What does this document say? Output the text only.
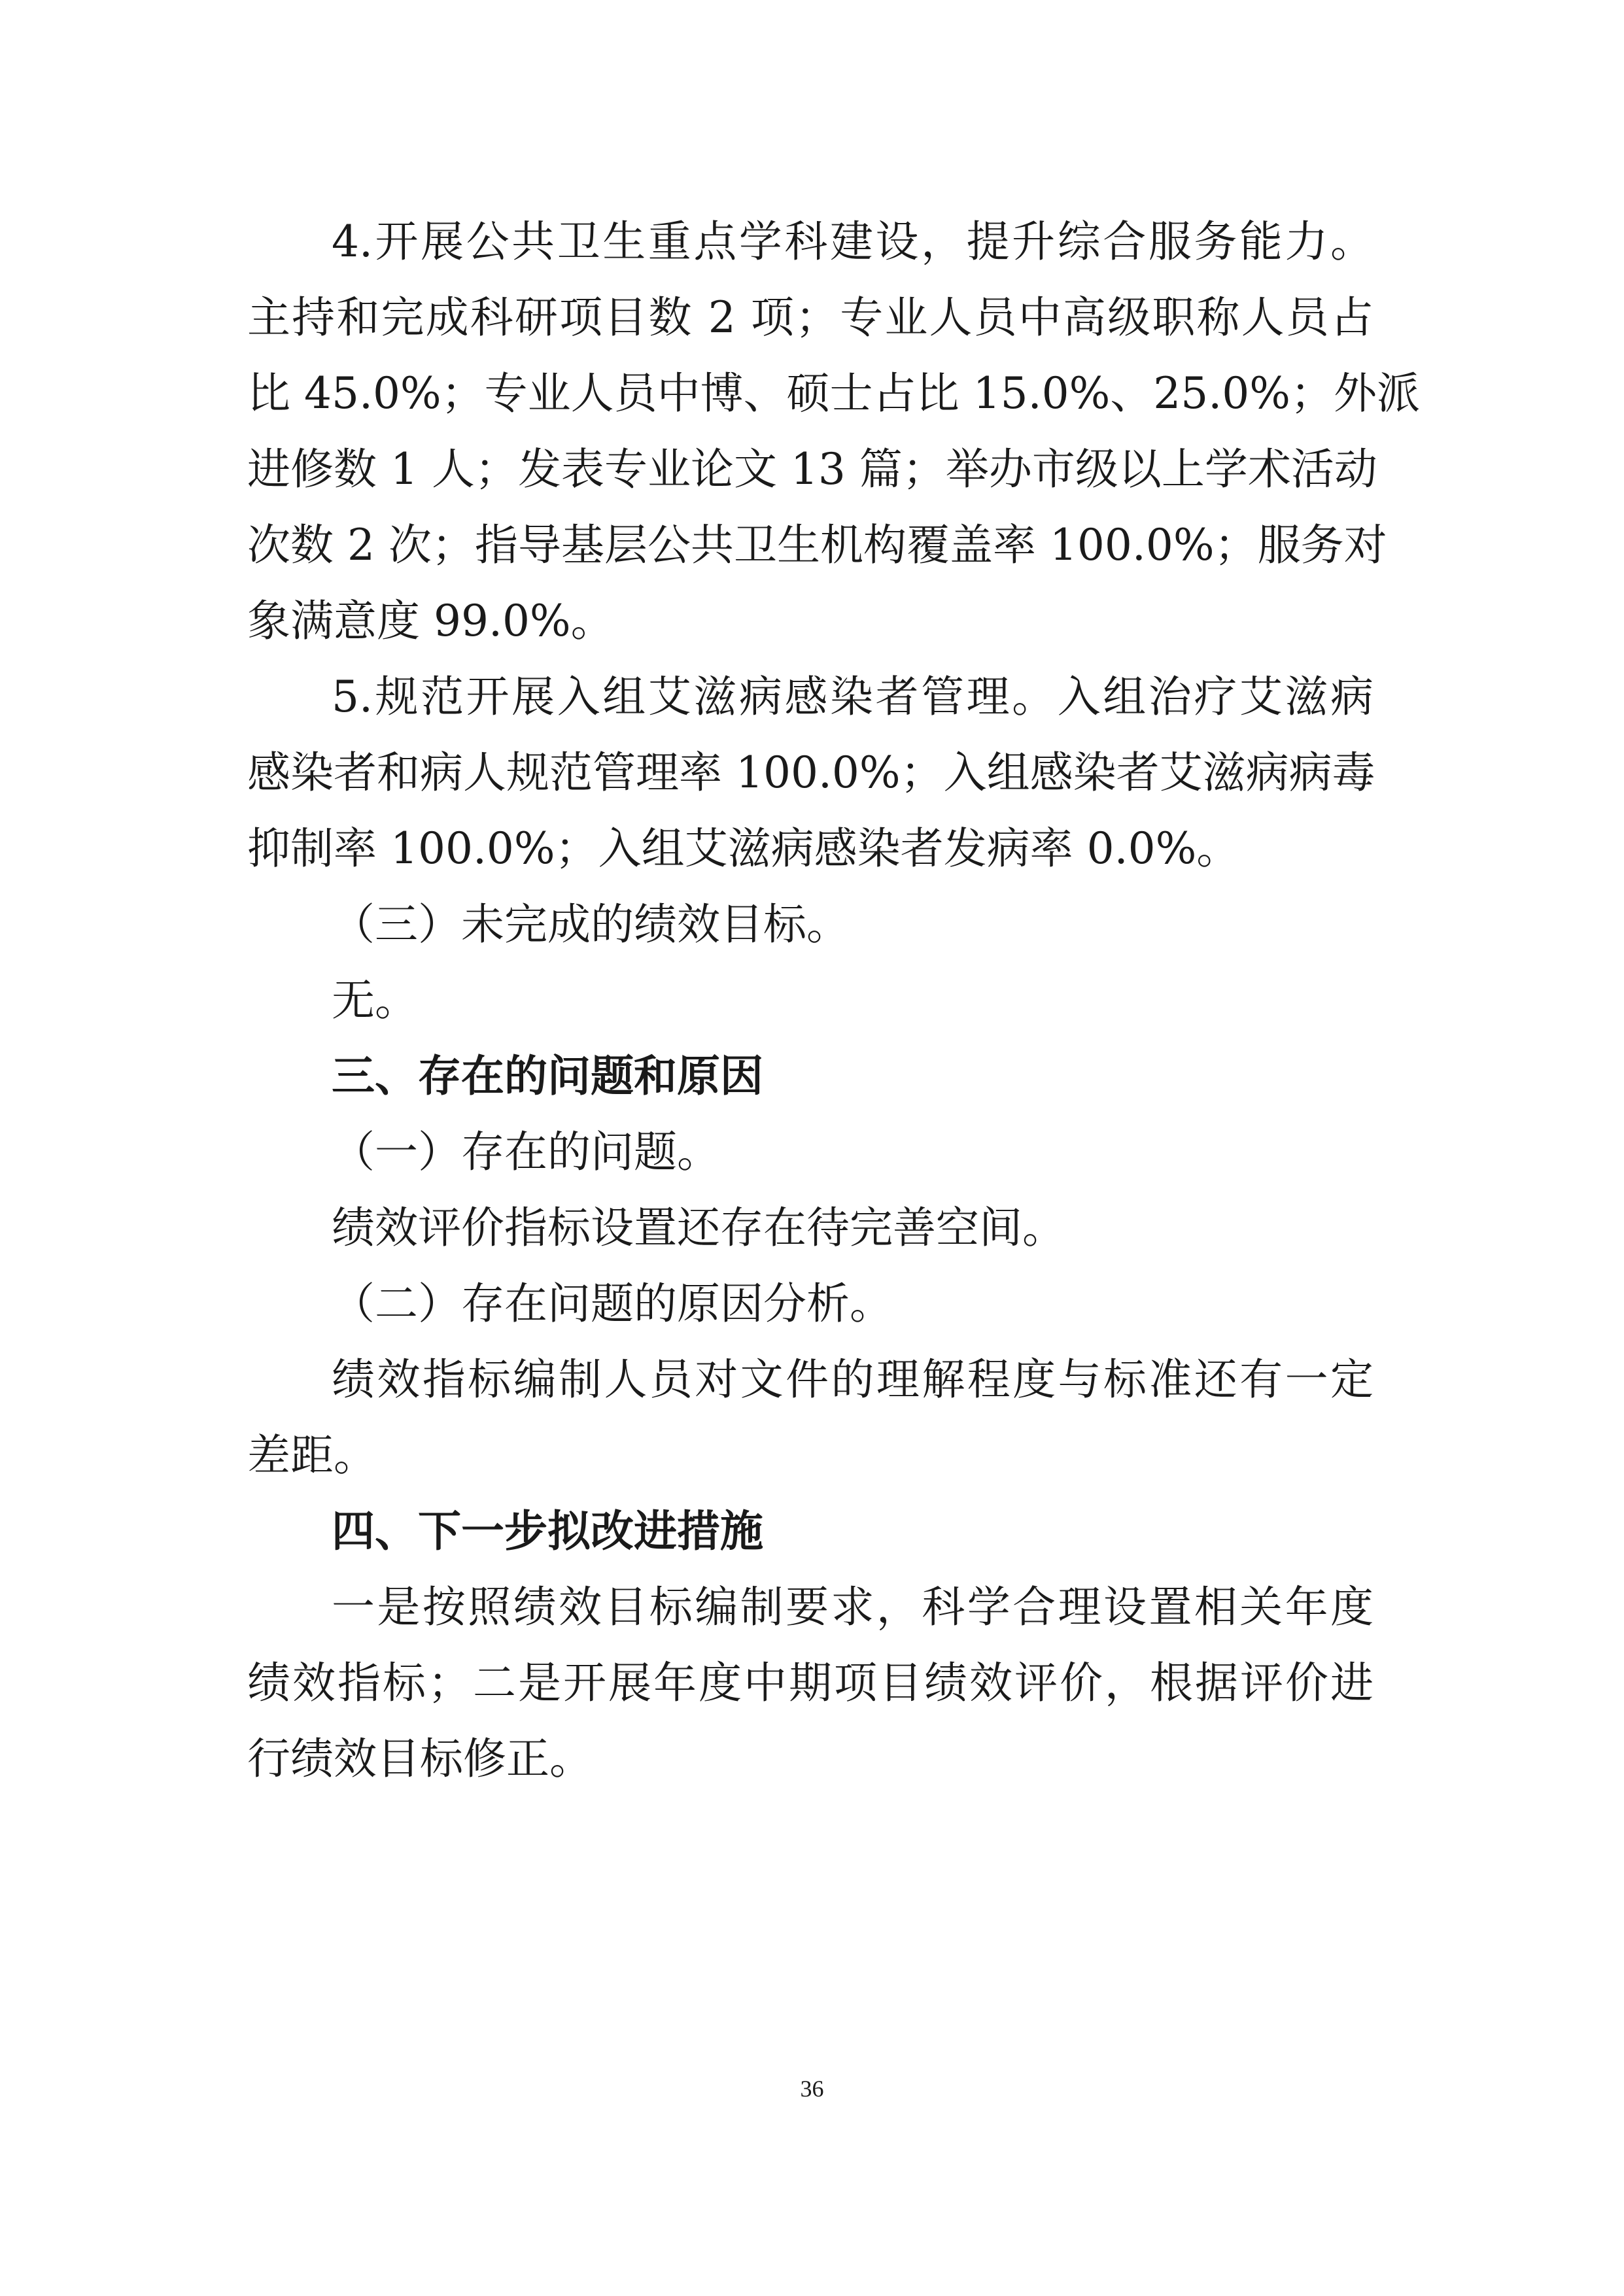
4.开展公共卫生重点学科建设，提升综合服务能力。
主持和完成科研项目数 2 项；专业人员中高级职称人员占
比 45.0%；专业人员中博、硕士占比 15.0%、25.0%；外派
进修数 1 人；发表专业论文 13 篇；举办市级以上学术活动
次数 2 次；指导基层公共卫生机构覆盖率 100.0%；服务对
象满意度 99.0%。
5.规范开展入组艾滋病感染者管理。入组治疗艾滋病
感染者和病人规范管理率 100.0%；入组感染者艾滋病病毒
抑制率 100.0%；入组艾滋病感染者发病率 0.0%。
（三）未完成的绩效目标。
无。
三、存在的问题和原因
（一）存在的问题。
绩效评价指标设置还存在待完善空间。
（二）存在问题的原因分析。
绩效指标编制人员对文件的理解程度与标准还有一定
差距。
四、下一步拟改进措施
一是按照绩效目标编制要求，科学合理设置相关年度
绩效指标；二是开展年度中期项目绩效评价，根据评价进
行绩效目标修正。
36
